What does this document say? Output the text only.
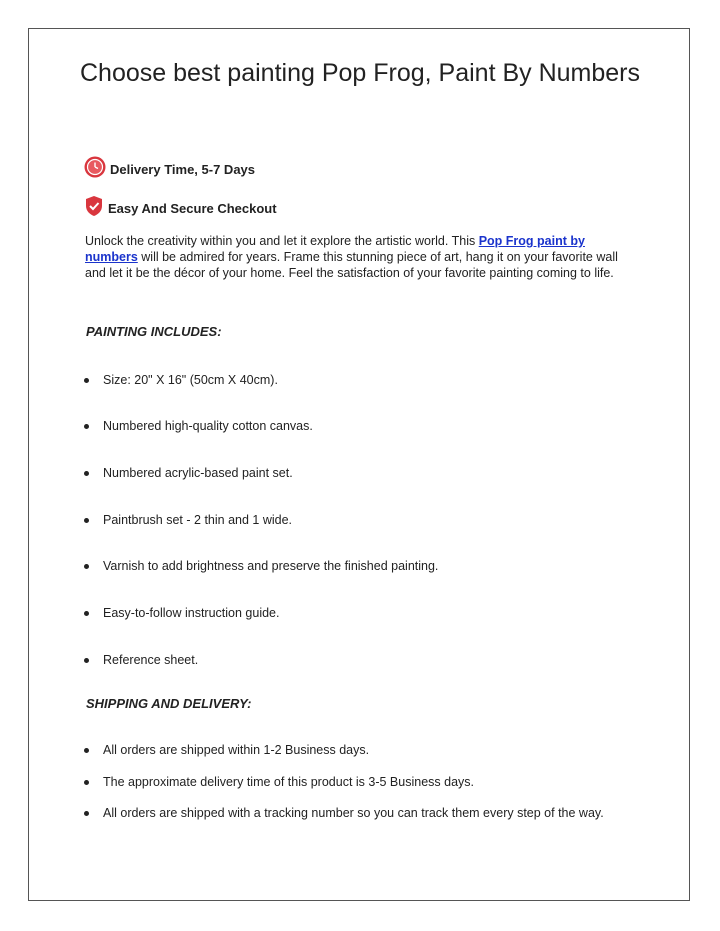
Choose best painting Pop Frog, Paint By Numbers
Delivery Time, 5-7 Days
Easy And Secure Checkout

Unlock the creativity within you and let it explore the artistic world. This Pop Frog paint by numbers will be admired for years. Frame this stunning piece of art, hang it on your favorite wall and let it be the décor of your home. Feel the satisfaction of your favorite painting coming to life.

PAINTING INCLUDES:
Size: 20" X 16" (50cm X 40cm).
Numbered high-quality cotton canvas.
Numbered acrylic-based paint set.
Paintbrush set - 2 thin and 1 wide.
Varnish to add brightness and preserve the finished painting.
Easy-to-follow instruction guide.
Reference sheet.
SHIPPING AND DELIVERY:
All orders are shipped within 1-2 Business days.
The approximate delivery time of this product is 3-5 Business days.
All orders are shipped with a tracking number so you can track them every step of the way.
